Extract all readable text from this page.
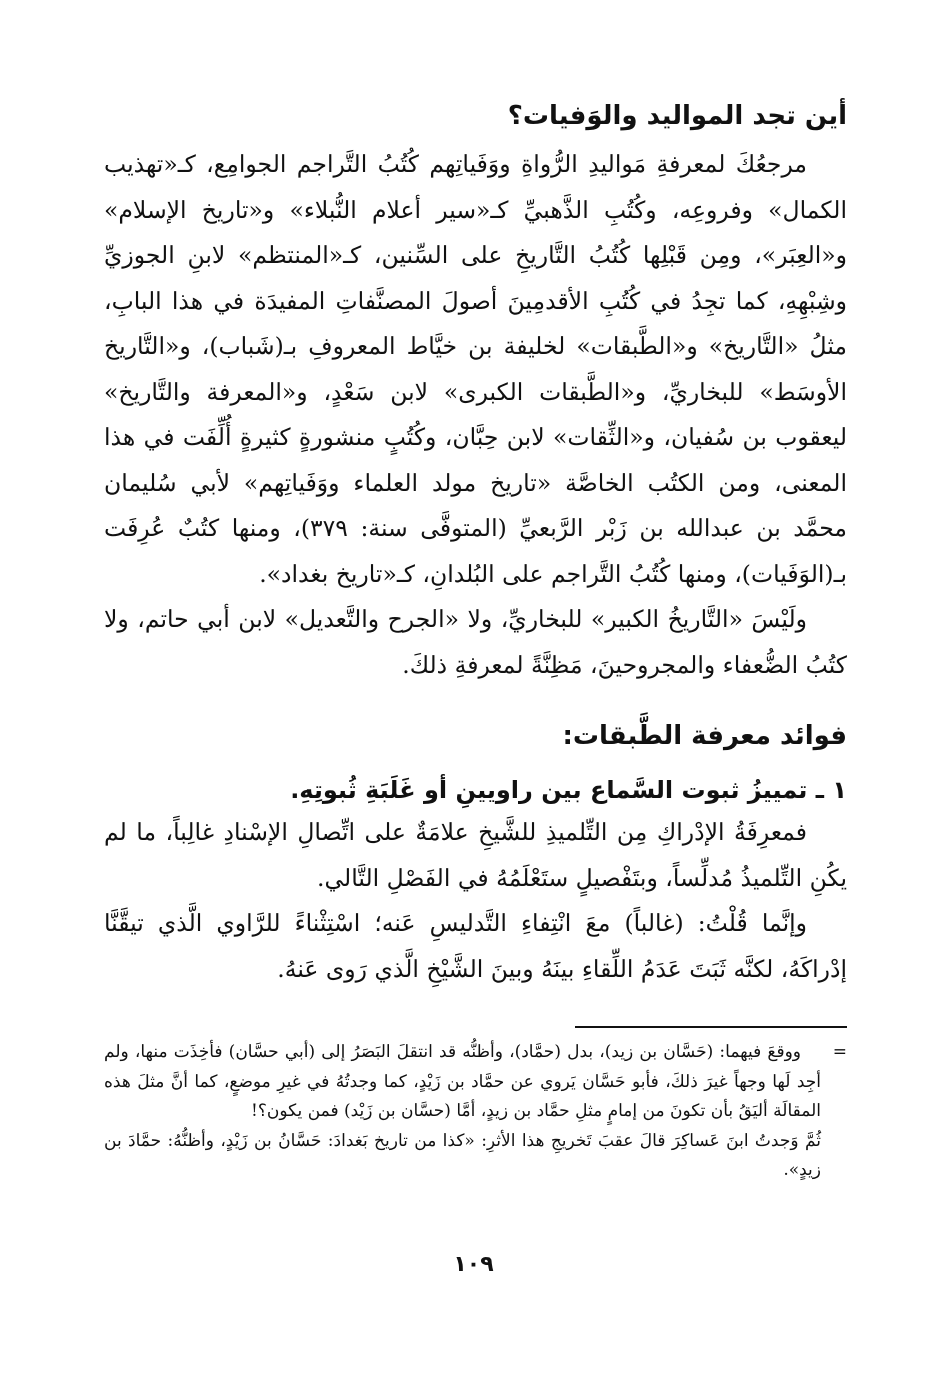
أين تجد المواليد والوَفيات؟

مرجعُكَ لمعرفةِ مَواليدِ الرُّواةِ ووَفَياتِهم كُتُبُ التَّراجم الجوامِع، كـ«تهذيب الكمال» وفروعِه، وكُتُبِ الذَّهبيِّ كـ«سير أعلام النُّبلاء» و«تاريخ الإسلام» و«العِبَر»، ومِن قَبْلِها كُتُبُ التَّاريخِ على السِّنين، كـ«المنتظم» لابنِ الجوزيِّ وشِبْهِهِ، كما تجِدُ في كُتُبِ الأقدمِينَ أصولَ المصنَّفاتِ المفيدَة في هذا البابِ، مثلُ «التَّاريخ» و«الطَّبقات» لخليفة بن خيَّاط المعروفِ بـ(شَباب)، و«التَّاريخ الأوسَط» للبخاريِّ، و«الطَّبقات الكبرى» لابن سَعْدٍ، و«المعرفة والتَّاريخ» ليعقوب بن سُفيان، و«الثِّقات» لابن حِبَّان، وكُتُبٍ منشورةٍ كثيرةٍ أُلِّفَت في هذا المعنى، ومن الكتُب الخاصَّة «تاريخ مولد العلماء ووَفَياتِهم» لأبي سُليمان محمَّد بن عبدالله بن زَبْر الرَّبعيِّ (المتوفَّى سنة: ٣٧٩)، ومنها كتُبٌ عُرِفَت بـ(الوَفَيات)، ومنها كُتُبُ التَّراجم على البُلدانِ، كـ«تاريخ بغداد».

ولَيْسَ «التَّاريخُ الكبير» للبخاريِّ، ولا «الجرح والتَّعديل» لابن أبي حاتم، ولا كتُبُ الضُّعفاء والمجروحينَ، مَظِنَّةً لمعرفةِ ذلكَ.

فوائد معرفة الطَّبقات:
١ ـ تمييزُ ثبوت السَّماع بين راويينِ أو غَلَبَةِ ثُبوتِهِ.

فمعرِفَةُ الإدْراكِ مِن التِّلميذِ للشَّيخِ علامَةٌ على اتِّصالِ الإسْنادِ غالِباً، ما لم يكُنِ التِّلميذُ مُدلِّساً، وبتَفْصيلٍ ستَعْلَمُهُ في الفَصْلِ التَّالي.

وإنَّما قُلْتُ: (غالباً) معَ انْتِفاءِ التَّدليسِ عَنه؛ اسْتِثْناءً للرَّاوي الَّذي تيقَّنَّا إدْراكَهُ، لكنَّه ثَبَتَ عَدَمُ اللِّقاءِ بينَهُ وبينَ الشَّيْخِ الَّذي رَوى عَنهُ.

=

ووقعَ فيهما: (حَسَّان بن زيد)، بدل (حمَّاد)، وأظنُّه قد انتقلَ البَصَرُ إلى (أبي حسَّان) فأخِذَت منها، ولم أجِد لَها وجهاً غيرَ ذلكَ، فأبو حَسَّان يَروي عن حمَّاد بن زَيْدٍ، كما وجدتُهُ في غيرِ موضعٍ، كما أنَّ مثلَ هذه المقالَة أليَقُ بأن تكونَ من إمامٍ مثلِ حمَّاد بن زيدٍ، أمَّا (حسَّان بن زَيْد) فمن يكون؟!

ثُمَّ وَجدتُ ابنَ عَساكِرَ قالَ عقبَ تَخريجِ هذا الأثرِ: «كذا من تاريخ بَغدادَ: حَسَّانُ بن زَيْدٍ، وأظنُّهُ: حمَّادَ بن زيدٍ».

١٠٩
